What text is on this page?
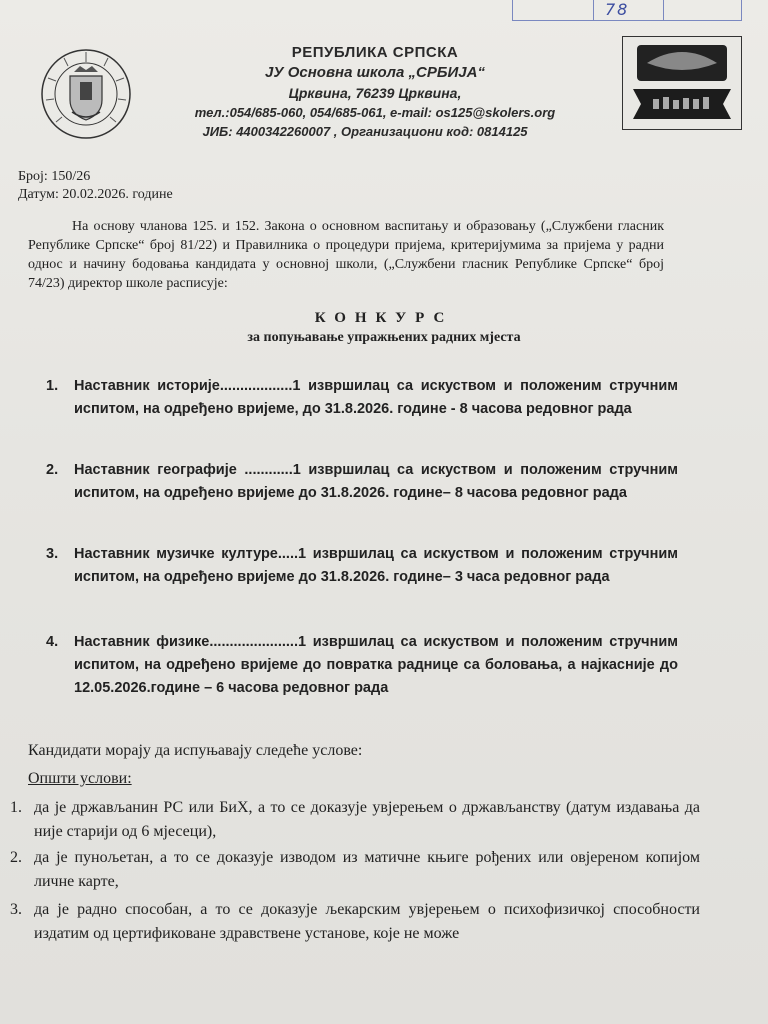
78
РЕПУБЛИКА СРПСКА
ЈУ Основна школа „СРБИЈА“
Црквина, 76239 Црквина,
тел.:054/685-060, 054/685-061, e-mail: os125@skolers.org
ЈИБ: 4400342260007 , Организациони код: 0814125
Број: 150/26
Датум: 20.02.2026. године
На основу чланова 125. и 152. Закона о основном васпитању и образовању („Службени гласник Републике Српске“ број 81/22) и Правилника о процедури пријема, критеријумима за пријема у радни однос и начину бодовања кандидата у основној школи, („Службени гласник Републике Српске“ број 74/23) директор школе расписује:
КОНКУРС
за попуњавање упражњених радних мјеста
1. Наставник историје..................1 извршилац са искуством и положеним стручним испитом, на одређено вријеме, до 31.8.2026. године - 8 часова редовног рада
2. Наставник географије ............1 извршилац са искуством и положеним стручним испитом, на одређено вријеме до 31.8.2026. године– 8 часова редовног рада
3. Наставник музичке културе.....1 извршилац са искуством и положеним стручним испитом, на одређено вријеме до 31.8.2026. године– 3 часа редовног рада
4. Наставник физике......................1 извршилац са искуством и положеним стручним испитом, на одређено вријеме до повратка раднице са боловања, а најкасније до 12.05.2026.године – 6 часова редовног рада
Кандидати морају да испуњавају следеће услове:
Општи услови:
1. да је држављанин РС или БиХ, а то се доказује увјерењем о држављанству (датум издавања да није старији од 6 мјесеци),
2. да је пунољетан, а то се доказује изводом из матичне књиге рођених или овјереном копијом личне карте,
3. да је радно способан, а то се доказује љекарским увјерењем о психофизичкој способности издатим од цертификоване здравствене установе, које не може
